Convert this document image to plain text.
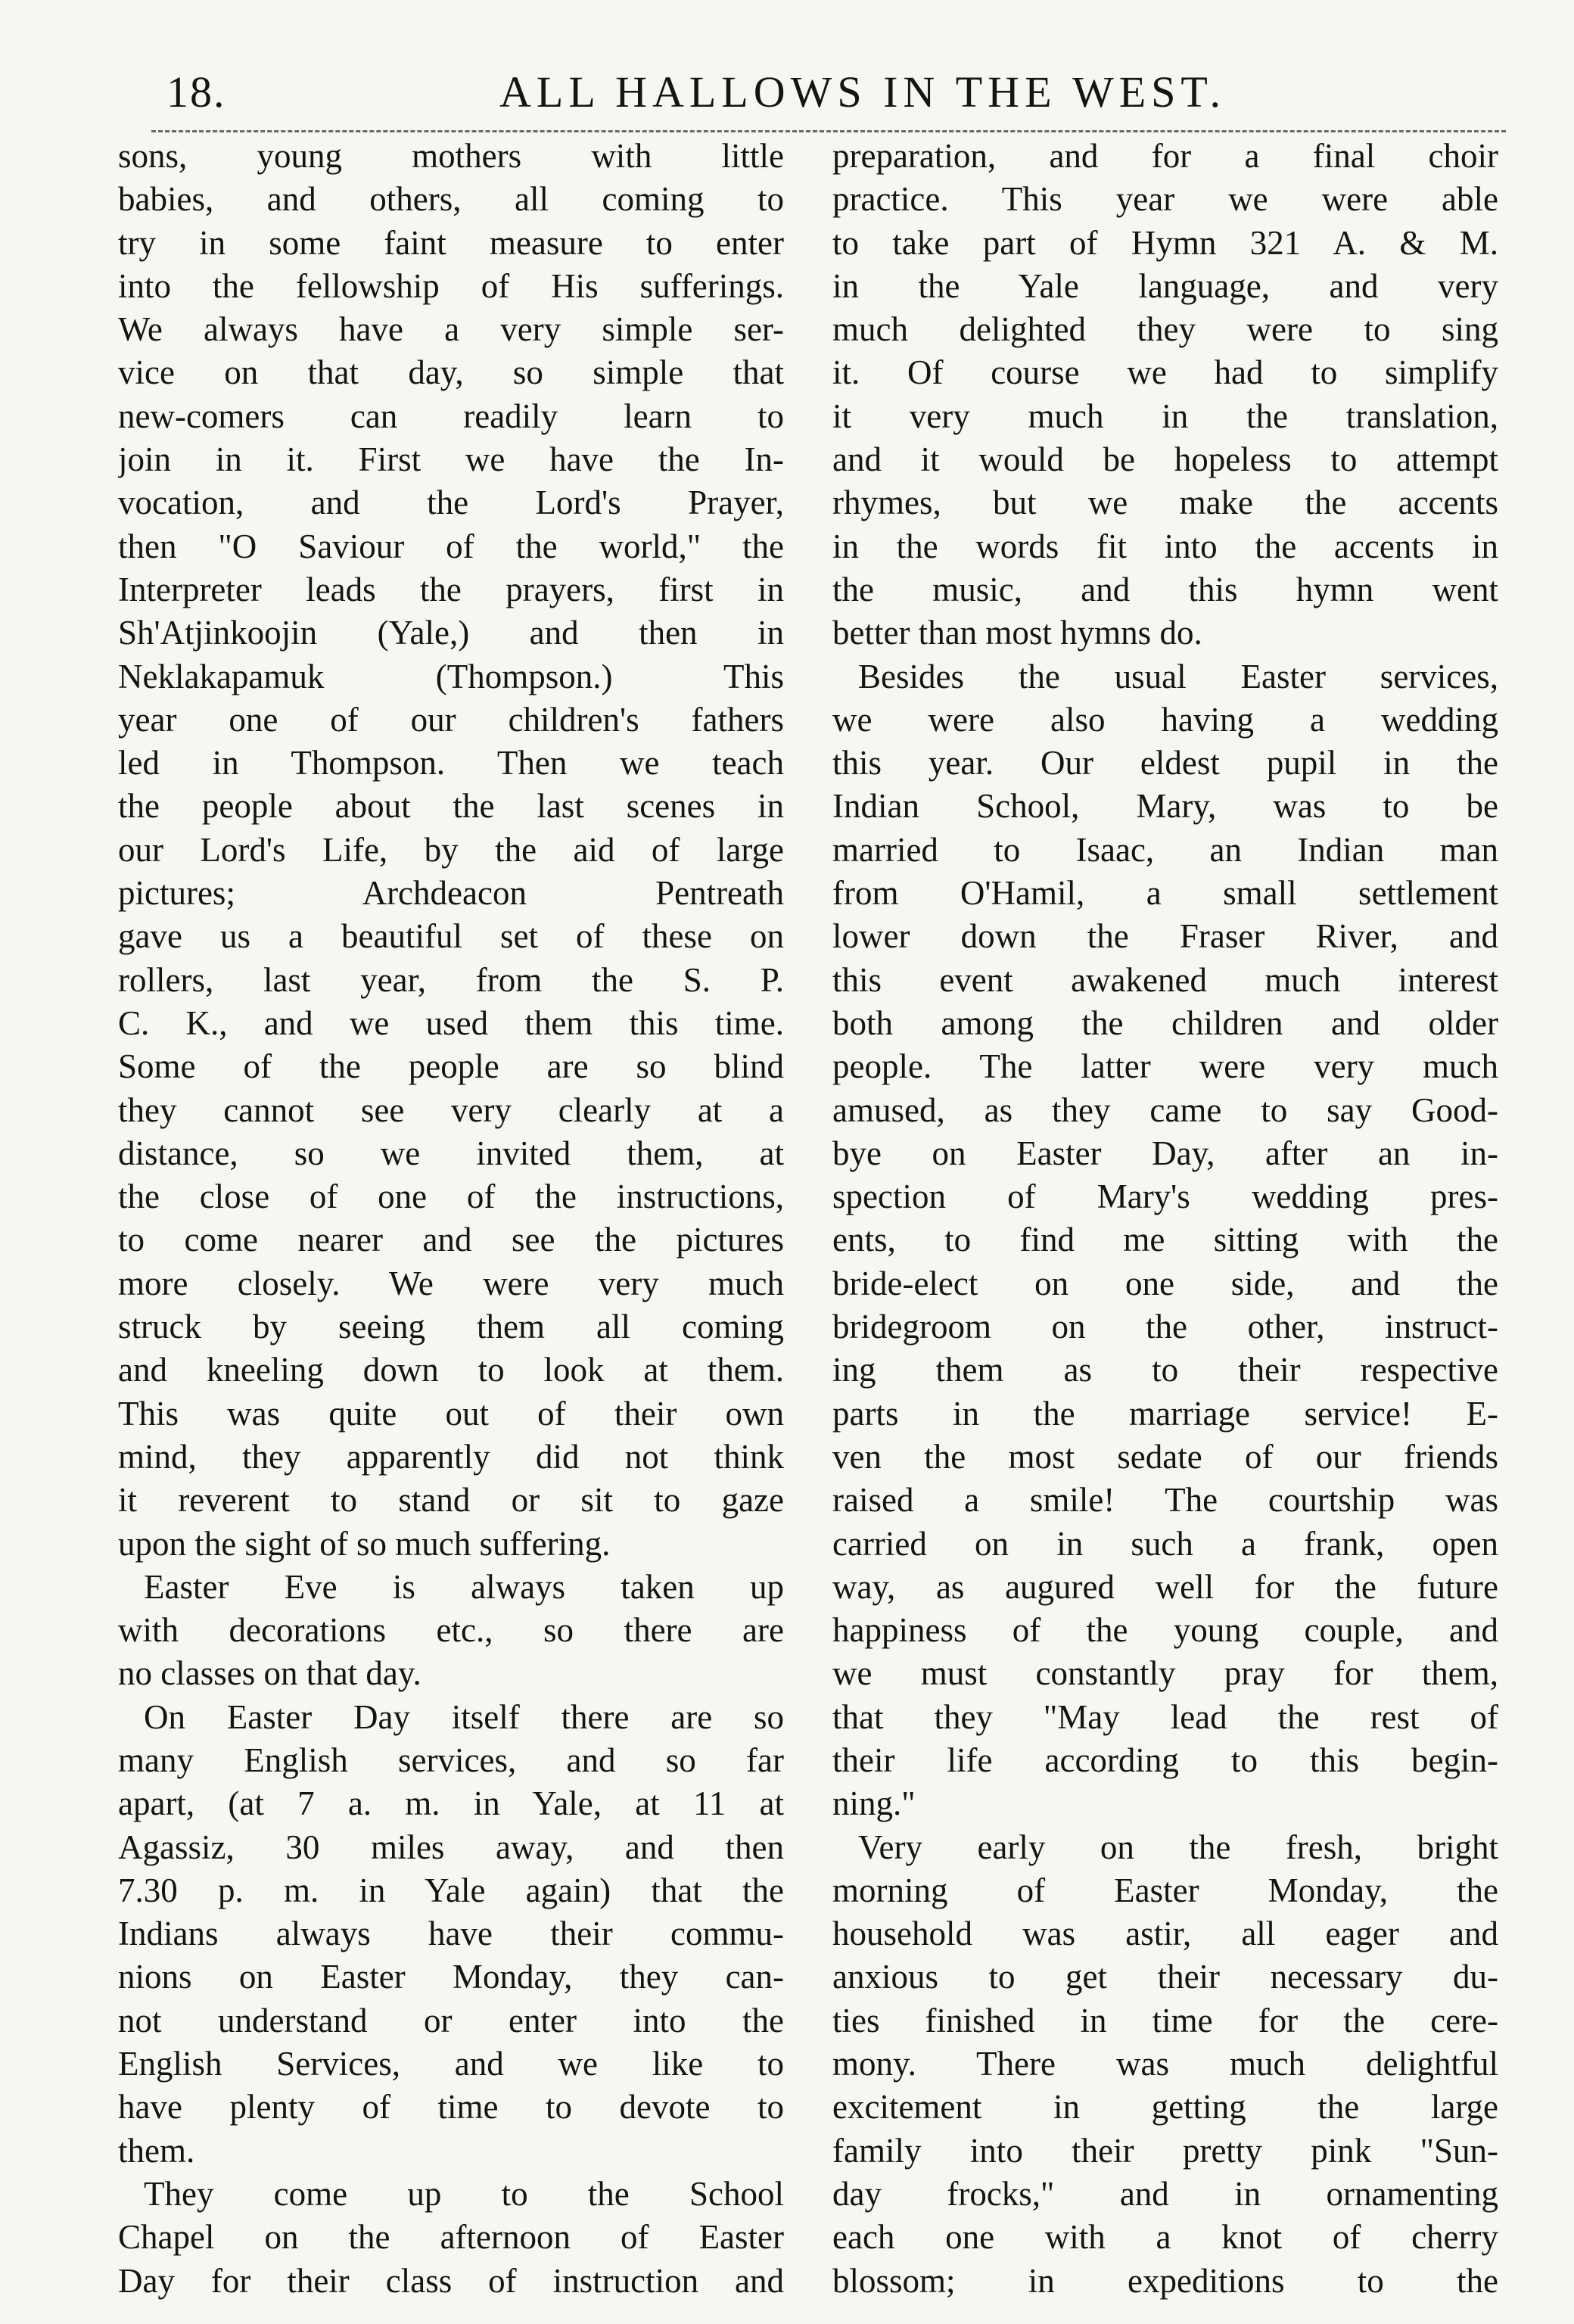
18.	ALL HALLOWS IN THE WEST.
sons, young mothers with little
babies, and others, all coming to
try in some faint measure to enter
into the fellowship of His sufferings.
We always have a very simple ser-
vice on that day, so simple that
new-comers can readily learn to
join in it. First we have the In-
vocation, and the Lord's Prayer,
then "O Saviour of the world," the
Interpreter leads the prayers, first in
Sh'Atjinkoojin (Yale,) and then in
Neklakapamuk (Thompson.) This
year one of our children's fathers
led in Thompson. Then we teach
the people about the last scenes in
our Lord's Life, by the aid of large
pictures; Archdeacon Pentreath
gave us a beautiful set of these on
rollers, last year, from the S. P.
C. K., and we used them this time.
Some of the people are so blind
they cannot see very clearly at a
distance, so we invited them, at
the close of one of the instructions,
to come nearer and see the pictures
more closely. We were very much
struck by seeing them all coming
and kneeling down to look at them.
This was quite out of their own
mind, they apparently did not think
it reverent to stand or sit to gaze
upon the sight of so much suffering.
Easter Eve is always taken up
with decorations etc., so there are
no classes on that day.
On Easter Day itself there are so
many English services, and so far
apart, (at 7 a. m. in Yale, at 11 at
Agassiz, 30 miles away, and then
7.30 p. m. in Yale again) that the
Indians always have their commu-
nions on Easter Monday, they can-
not understand or enter into the
English Services, and we like to
have plenty of time to devote to
them.
They come up to the School
Chapel on the afternoon of Easter
Day for their class of instruction and
preparation, and for a final choir
practice. This year we were able
to take part of Hymn 321 A. & M.
in the Yale language, and very
much delighted they were to sing
it. Of course we had to simplify
it very much in the translation,
and it would be hopeless to attempt
rhymes, but we make the accents
in the words fit into the accents in
the music, and this hymn went
better than most hymns do.
Besides the usual Easter services,
we were also having a wedding
this year. Our eldest pupil in the
Indian School, Mary, was to be
married to Isaac, an Indian man
from O'Hamil, a small settlement
lower down the Fraser River, and
this event awakened much interest
both among the children and older
people. The latter were very much
amused, as they came to say Good-
bye on Easter Day, after an in-
spection of Mary's wedding pres-
ents, to find me sitting with the
bride-elect on one side, and the
bridegroom on the other, instruct-
ing them as to their respective
parts in the marriage service! E-
ven the most sedate of our friends
raised a smile! The courtship was
carried on in such a frank, open
way, as augured well for the future
happiness of the young couple, and
we must constantly pray for them,
that they "May lead the rest of
their life according to this begin-
ning."
Very early on the fresh, bright
morning of Easter Monday, the
household was astir, all eager and
anxious to get their necessary du-
ties finished in time for the cere-
mony. There was much delightful
excitement in getting the large
family into their pretty pink "Sun-
day frocks," and in ornamenting
each one with a knot of cherry
blossom; in expeditions to the
